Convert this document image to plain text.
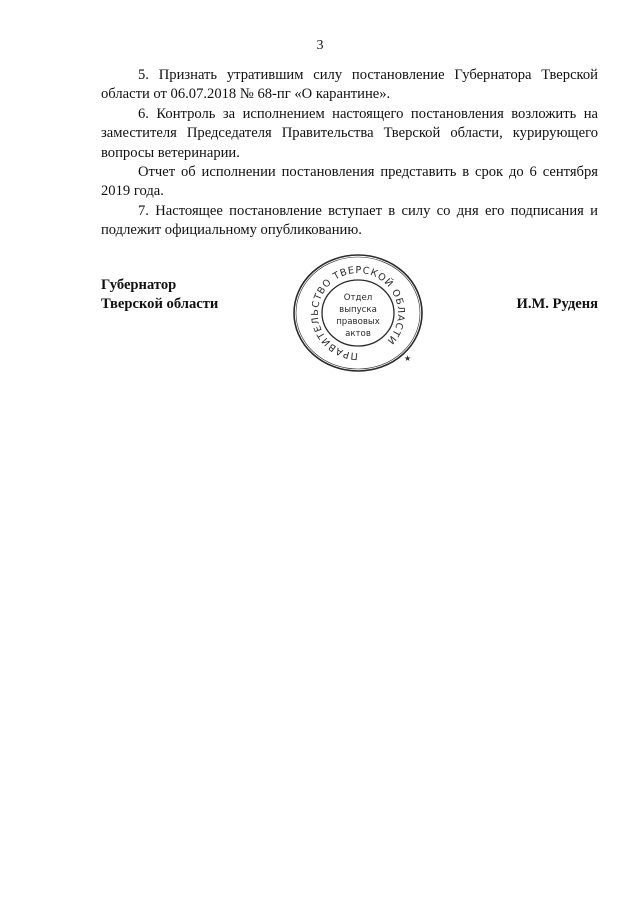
3

5. Признать утратившим силу постановление Губернатора Тверской области от 06.07.2018 № 68-пг «О карантине».

6. Контроль за исполнением настоящего постановления возложить на заместителя Председателя Правительства Тверской области, курирующего вопросы ветеринарии.

Отчет об исполнении постановления представить в срок до 6 сентября 2019 года.

7. Настоящее постановление вступает в силу со дня его подписания и подлежит официальному опубликованию.

Губернатор
Тверской области
ПРАВИТЕЛЬСТВО ТВЕРСКОЙ ОБЛАСТИ
★
Отдел
выпуска
правовых
актов
И.М. Руденя
